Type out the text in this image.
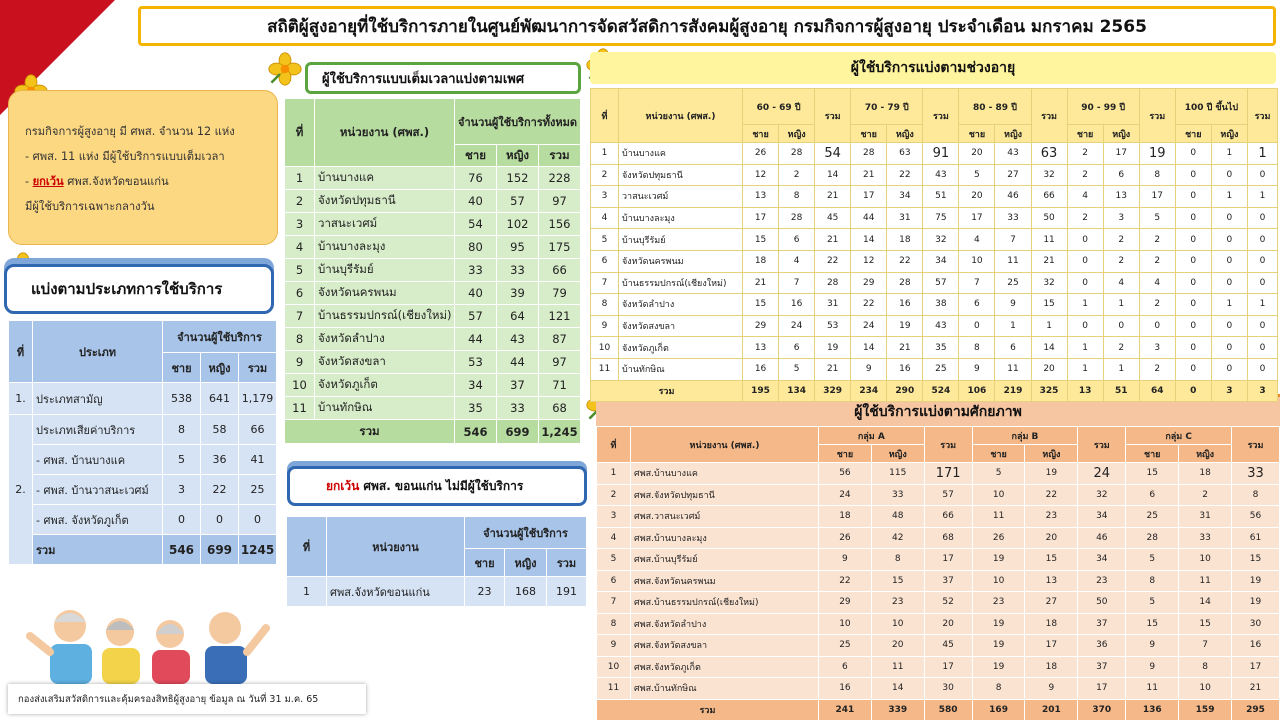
สถิติผู้สูงอายุที่ใช้บริการภายในศูนย์พัฒนาการจัดสวัสดิการสังคมผู้สูงอายุ กรมกิจการผู้สูงอายุ ประจำเดือน มกราคม 2565
กรมกิจการผู้สูงอายุ มี ศพส. จำนวน 12 แห่ง
- ศพส. 11 แห่ง มีผู้ใช้บริการแบบเต็มเวลา
- ยกเว้น ศพส.จังหวัดขอนแก่น
มีผู้ใช้บริการเฉพาะกลางวัน
แบ่งตามประเภทการใช้บริการ
ผู้ใช้บริการแบบเต็มเวลาแบ่งตามเพศ
ยกเว้น ศพส. ขอนแก่น ไม่มีผู้ใช้บริการ
ผู้ใช้บริการแบ่งตามช่วงอายุ
ผู้ใช้บริการแบ่งตามศักยภาพ
ที่	ประเภท	จำนวนผู้ใช้บริการ		
		ชาย	หญิง	รวม
1.	ประเภทสามัญ	538	641	1,179
2.	ประเภทเสียค่าบริการ	8	58	66
	- ศพส. บ้านบางแค	5	36	41
	- ศพส. บ้านวาสนะเวศม์	3	22	25
	- ศพส. จังหวัดภูเก็ต	0	0	0
	รวม	546	699	1245
ที่	หน่วยงาน (ศพส.)	จำนวนผู้ใช้บริการทั้งหมด		
		ชาย	หญิง	รวม
1	บ้านบางแค	76	152	228
2	จังหวัดปทุมธานี	40	57	97
3	วาสนะเวศม์	54	102	156
4	บ้านบางละมุง	80	95	175
5	บ้านบุรีรัมย์	33	33	66
6	จังหวัดนครพนม	40	39	79
7	บ้านธรรมปกรณ์(เชียงใหม่)	57	64	121
8	จังหวัดลำปาง	44	43	87
9	จังหวัดสงขลา	53	44	97
10	จังหวัดภูเก็ต	34	37	71
11	บ้านทักษิณ	35	33	68
รวม		546	699	1,245
ที่	หน่วยงาน	จำนวนผู้ใช้บริการ		
		ชาย	หญิง	รวม
1	ศพส.จังหวัดขอนแก่น	23	168	191
ที่	หน่วยงาน (ศพส.)	60 - 69 ปี		รวม	70 - 79 ปี		รวม	80 - 89 ปี		รวม	90 - 99 ปี		รวม	100 ปี ขึ้นไป		รวม
		ชาย	หญิง		ชาย	หญิง		ชาย	หญิง		ชาย	หญิง		ชาย	หญิง	
1	บ้านบางแค	26	28	54	28	63	91	20	43	63	2	17	19	0	1	1
2	จังหวัดปทุมธานี	12	2	14	21	22	43	5	27	32	2	6	8	0	0	0
3	วาสนะเวศม์	13	8	21	17	34	51	20	46	66	4	13	17	0	1	1
4	บ้านบางละมุง	17	28	45	44	31	75	17	33	50	2	3	5	0	0	0
5	บ้านบุรีรัมย์	15	6	21	14	18	32	4	7	11	0	2	2	0	0	0
6	จังหวัดนครพนม	18	4	22	12	22	34	10	11	21	0	2	2	0	0	0
7	บ้านธรรมปกรณ์(เชียงใหม่)	21	7	28	29	28	57	7	25	32	0	4	4	0	0	0
8	จังหวัดลำปาง	15	16	31	22	16	38	6	9	15	1	1	2	0	1	1
9	จังหวัดสงขลา	29	24	53	24	19	43	0	1	1	0	0	0	0	0	0
10	จังหวัดภูเก็ต	13	6	19	14	21	35	8	6	14	1	2	3	0	0	0
11	บ้านทักษิณ	16	5	21	9	16	25	9	11	20	1	1	2	0	0	0
รวม		195	134	329	234	290	524	106	219	325	13	51	64	0	3	3
ที่	หน่วยงาน (ศพส.)	กลุ่ม A		รวม	กลุ่ม B		รวม	กลุ่ม C		รวม
		ชาย	หญิง		ชาย	หญิง		ชาย	หญิง	
1	ศพส.บ้านบางแค	56	115	171	5	19	24	15	18	33
2	ศพส.จังหวัดปทุมธานี	24	33	57	10	22	32	6	2	8
3	ศพส.วาสนะเวศม์	18	48	66	11	23	34	25	31	56
4	ศพส.บ้านบางละมุง	26	42	68	26	20	46	28	33	61
5	ศพส.บ้านบุรีรัมย์	9	8	17	19	15	34	5	10	15
6	ศพส.จังหวัดนครพนม	22	15	37	10	13	23	8	11	19
7	ศพส.บ้านธรรมปกรณ์(เชียงใหม่)	29	23	52	23	27	50	5	14	19
8	ศพส.จังหวัดลำปาง	10	10	20	19	18	37	15	15	30
9	ศพส.จังหวัดสงขลา	25	20	45	19	17	36	9	7	16
10	ศพส.จังหวัดภูเก็ต	6	11	17	19	18	37	9	8	17
11	ศพส.บ้านทักษิณ	16	14	30	8	9	17	11	10	21
รวม		241	339	580	169	201	370	136	159	295
กองส่งเสริมสวัสดิการและคุ้มครองสิทธิผู้สูงอายุ ข้อมูล ณ วันที่ 31 ม.ค. 65
